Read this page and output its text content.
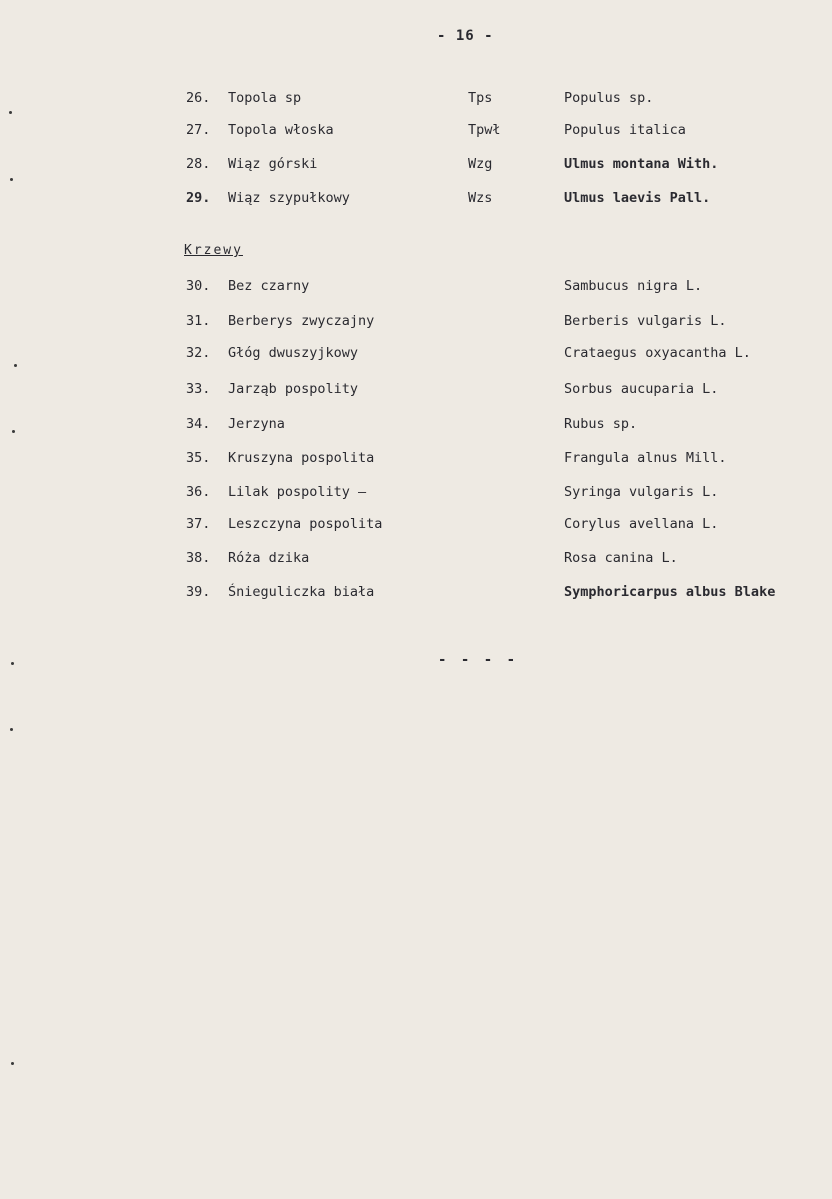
- 16 -
26. Topola sp	Tps	Populus sp.
27. Topola włoska	Tpwł	Populus italica
28. Wiąz górski	Wzg	Ulmus montana With.
29. Wiąz szypułkowy	Wzs	Ulmus laevis Pall.
Krzewy
30. Bez czarny	Sambucus nigra L.
31. Berberys zwyczajny	Berberis vulgaris L.
32. Głóg dwuszyjkowy	Crataegus oxyacantha L.
33. Jarząb pospolity	Sorbus aucuparia L.
34. Jerzyna	Rubus sp.
35. Kruszyna pospolita	Frangula alnus Mill.
36. Lilak pospolity —	Syringa vulgaris L.
37. Leszczyna pospolita	Corylus avellana L.
38. Róża dzika	Rosa canina L.
39. Śnieguliczka biała	Symphoricarpus albus Blake
- - - -
